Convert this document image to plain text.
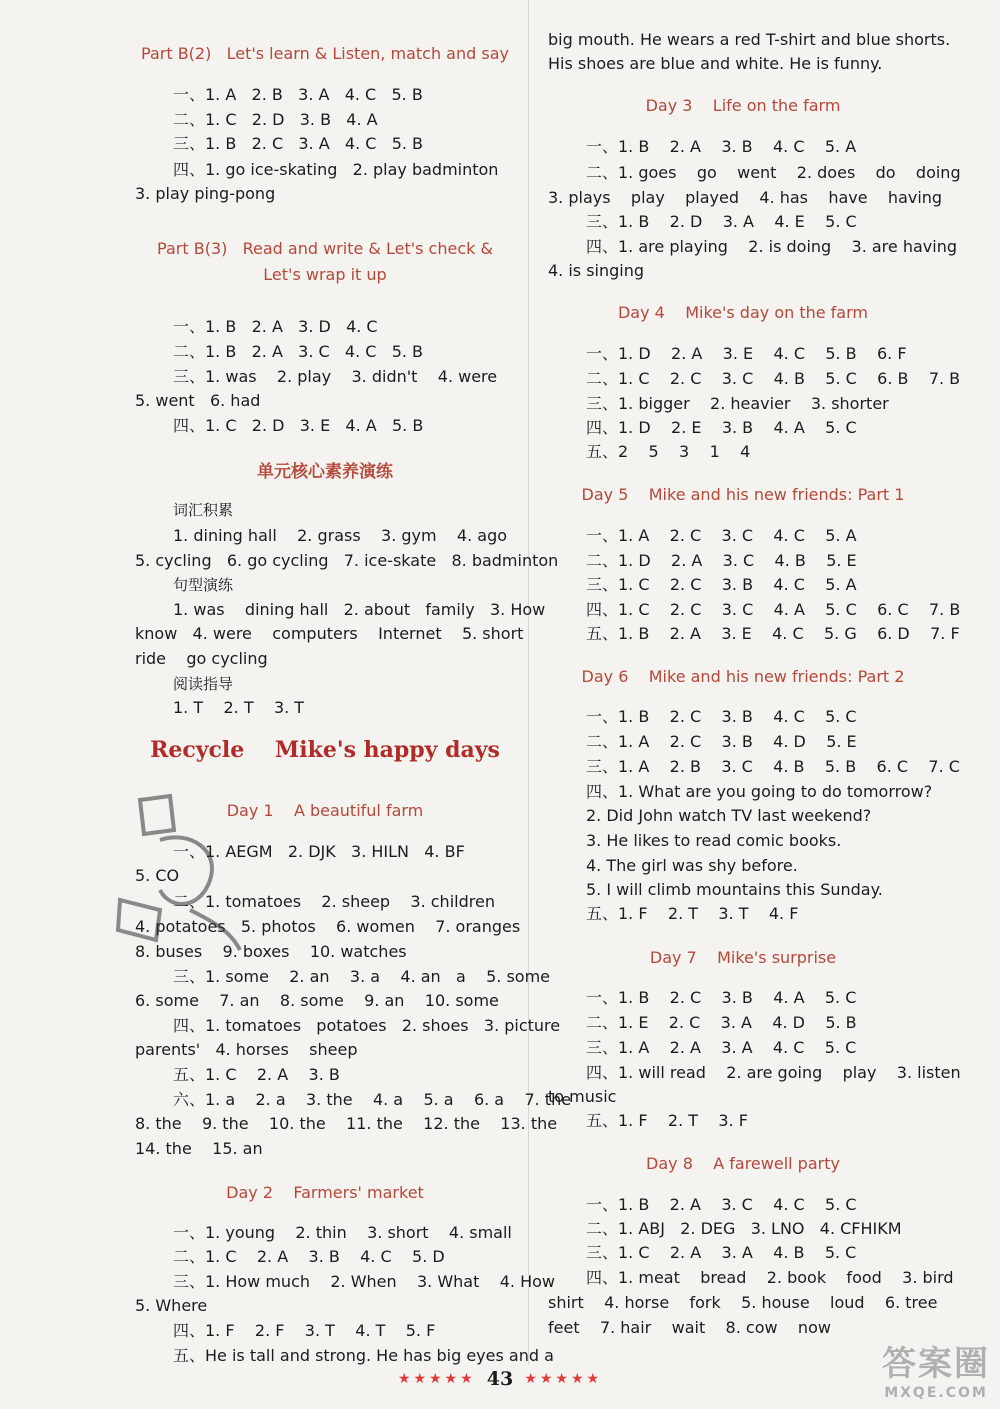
Part B(2)   Let's learn & Listen, match and say
一、1. A   2. B   3. A   4. C   5. B
二、1. C   2. D   3. B   4. A
三、1. B   2. C   3. A   4. C   5. B
四、1. go ice-skating   2. play badminton
3. play ping-pong
Part B(3)   Read and write & Let's check &
Let's wrap it up
一、1. B   2. A   3. D   4. C
二、1. B   2. A   3. C   4. C   5. B
三、1. was    2. play    3. didn't    4. were
5. went   6. had
四、1. C   2. D   3. E   4. A   5. B
单元核心素养演练
词汇积累
1. dining hall    2. grass    3. gym    4. ago
5. cycling   6. go cycling   7. ice-skate   8. badminton
句型演练
1. was    dining hall   2. about   family   3. How
know   4. were    computers    Internet    5. short
ride    go cycling
阅读指导
1. T    2. T    3. T
Recycle    Mike's happy days
Day 1    A beautiful farm
一、1. AEGM   2. DJK   3. HILN   4. BF
5. CO
二、1. tomatoes    2. sheep    3. children
4. potatoes   5. photos    6. women    7. oranges
8. buses    9. boxes    10. watches
三、1. some    2. an    3. a    4. an   a    5. some
6. some    7. an    8. some    9. an    10. some
四、1. tomatoes   potatoes   2. shoes   3. picture
parents'   4. horses    sheep
五、1. C    2. A    3. B
六、1. a    2. a    3. the    4. a    5. a    6. a    7. the
8. the    9. the    10. the    11. the    12. the    13. the
14. the    15. an
Day 2    Farmers' market
一、1. young    2. thin    3. short    4. small
二、1. C    2. A    3. B    4. C    5. D
三、1. How much    2. When    3. What    4. How
5. Where
四、1. F    2. F    3. T    4. T    5. F
五、He is tall and strong. He has big eyes and a
big mouth. He wears a red T-shirt and blue shorts.
His shoes are blue and white. He is funny.
Day 3    Life on the farm
一、1. B    2. A    3. B    4. C    5. A
二、1. goes    go    went    2. does    do    doing
3. plays    play    played    4. has    have    having
三、1. B    2. D    3. A    4. E    5. C
四、1. are playing    2. is doing    3. are having
4. is singing
Day 4    Mike's day on the farm
一、1. D    2. A    3. E    4. C    5. B    6. F
二、1. C    2. C    3. C    4. B    5. C    6. B    7. B
三、1. bigger    2. heavier    3. shorter
四、1. D    2. E    3. B    4. A    5. C
五、2    5    3    1    4
Day 5    Mike and his new friends: Part 1
一、1. A    2. C    3. C    4. C    5. A
二、1. D    2. A    3. C    4. B    5. E
三、1. C    2. C    3. B    4. C    5. A
四、1. C    2. C    3. C    4. A    5. C    6. C    7. B
五、1. B    2. A    3. E    4. C    5. G    6. D    7. F
Day 6    Mike and his new friends: Part 2
一、1. B    2. C    3. B    4. C    5. C
二、1. A    2. C    3. B    4. D    5. E
三、1. A    2. B    3. C    4. B    5. B    6. C    7. C
四、1. What are you going to do tomorrow?
2. Did John watch TV last weekend?
3. He likes to read comic books.
4. The girl was shy before.
5. I will climb mountains this Sunday.
五、1. F    2. T    3. T    4. F
Day 7    Mike's surprise
一、1. B    2. C    3. B    4. A    5. C
二、1. E    2. C    3. A    4. D    5. B
三、1. A    2. A    3. A    4. C    5. C
四、1. will read    2. are going    play    3. listen
to music
五、1. F    2. T    3. F
Day 8    A farewell party
一、1. B    2. A    3. C    4. C    5. C
二、1. ABJ   2. DEG   3. LNO   4. CFHIKM
三、1. C    2. A    3. A    4. B    5. C
四、1. meat    bread    2. book    food    3. bird
shirt    4. horse    fork    5. house    loud    6. tree
feet    7. hair    wait    8. cow    now
★★★★★ 43 ★★★★★	答案圈
MXQE.COM
